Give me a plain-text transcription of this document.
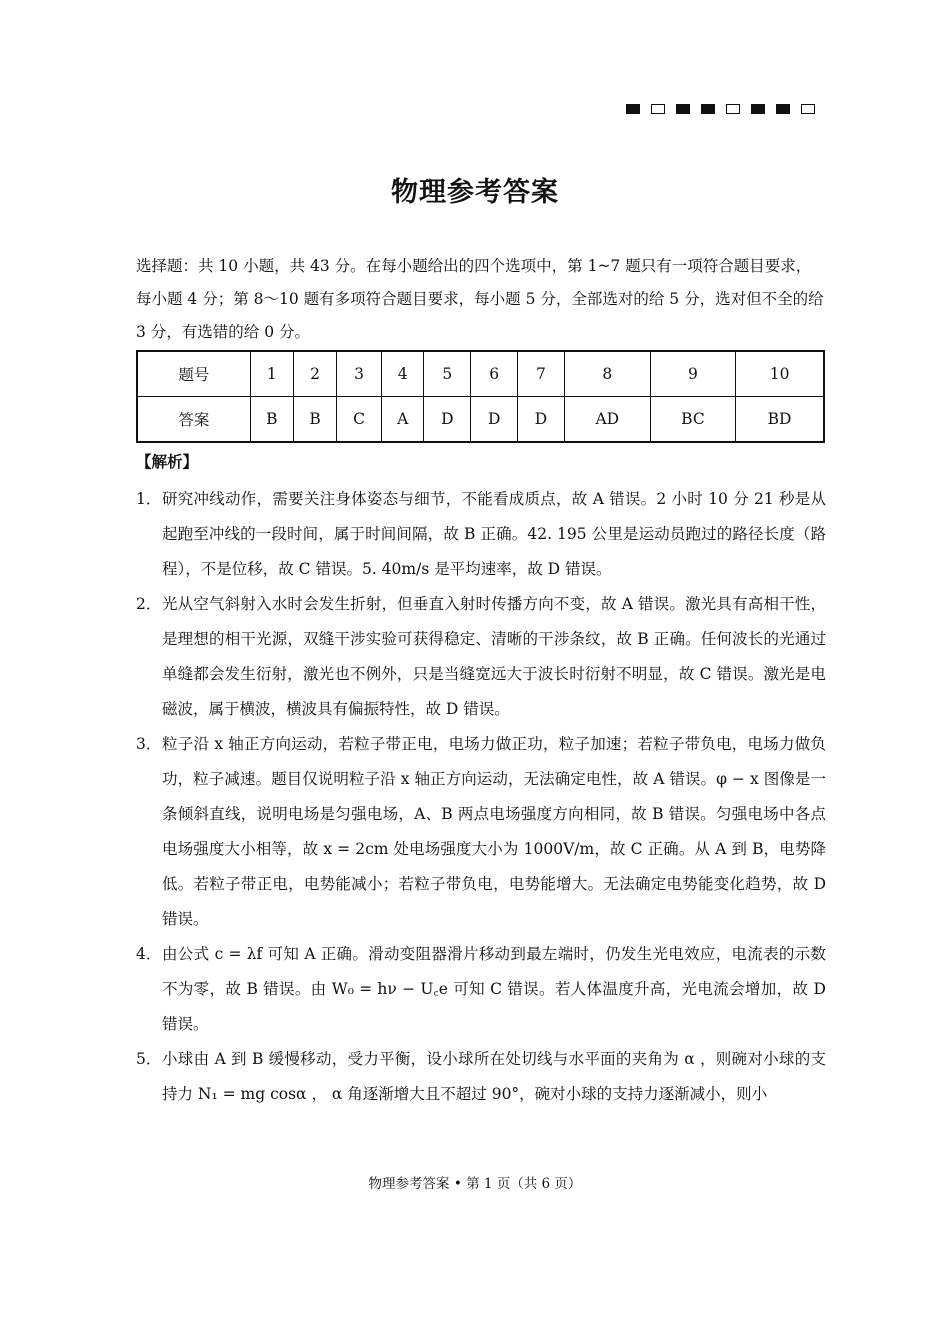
物理参考答案

选择题：共 10 小题，共 43 分。在每小题给出的四个选项中，第 1~7 题只有一项符合题目要求，每小题 4 分；第 8～10 题有多项符合题目要求，每小题 5 分，全部选对的给 5 分，选对但不全的给 3 分，有选错的给 0 分。

题号	1	2	3	4	5	6	7	8	9	10
答案	B	B	C	A	D	D	D	AD	BC	BD
【解析】
1． 研究冲线动作，需要关注身体姿态与细节，不能看成质点，故 A 错误。2 小时 10 分 21 秒是从起跑至冲线的一段时间，属于时间间隔，故 B 正确。42. 195 公里是运动员跑过的路径长度（路程），不是位移，故 C 错误。5. 40m/s 是平均速率，故 D 错误。

2． 光从空气斜射入水时会发生折射，但垂直入射时传播方向不变，故 A 错误。激光具有高相干性，是理想的相干光源，双缝干涉实验可获得稳定、清晰的干涉条纹，故 B 正确。任何波长的光通过单缝都会发生衍射，激光也不例外，只是当缝宽远大于波长时衍射不明显，故 C 错误。激光是电磁波，属于横波，横波具有偏振特性，故 D 错误。

3． 粒子沿 x 轴正方向运动，若粒子带正电，电场力做正功，粒子加速；若粒子带负电，电场力做负功，粒子减速。题目仅说明粒子沿 x 轴正方向运动，无法确定电性，故 A 错误。φ − x 图像是一条倾斜直线，说明电场是匀强电场，A、B 两点电场强度方向相同，故 B 错误。匀强电场中各点电场强度大小相等，故 x = 2cm 处电场强度大小为 1000V/m，故 C 正确。从 A 到 B，电势降低。若粒子带正电，电势能减小；若粒子带负电，电势能增大。无法确定电势能变化趋势，故 D 错误。

4． 由公式 c = λf 可知 A 正确。滑动变阻器滑片移动到最左端时，仍发生光电效应，电流表的示数不为零，故 B 错误。由 W₀ = hν − U꜀e 可知 C 错误。若人体温度升高，光电流会增加，故 D 错误。

5． 小球由 A 到 B 缓慢移动，受力平衡，设小球所在处切线与水平面的夹角为 α ，则碗对小球的支持力 N₁ = mg cosα ， α 角逐渐增大且不超过 90°，碗对小球的支持力逐渐减小，则小

物理参考答案 • 第 1 页（共 6 页）
